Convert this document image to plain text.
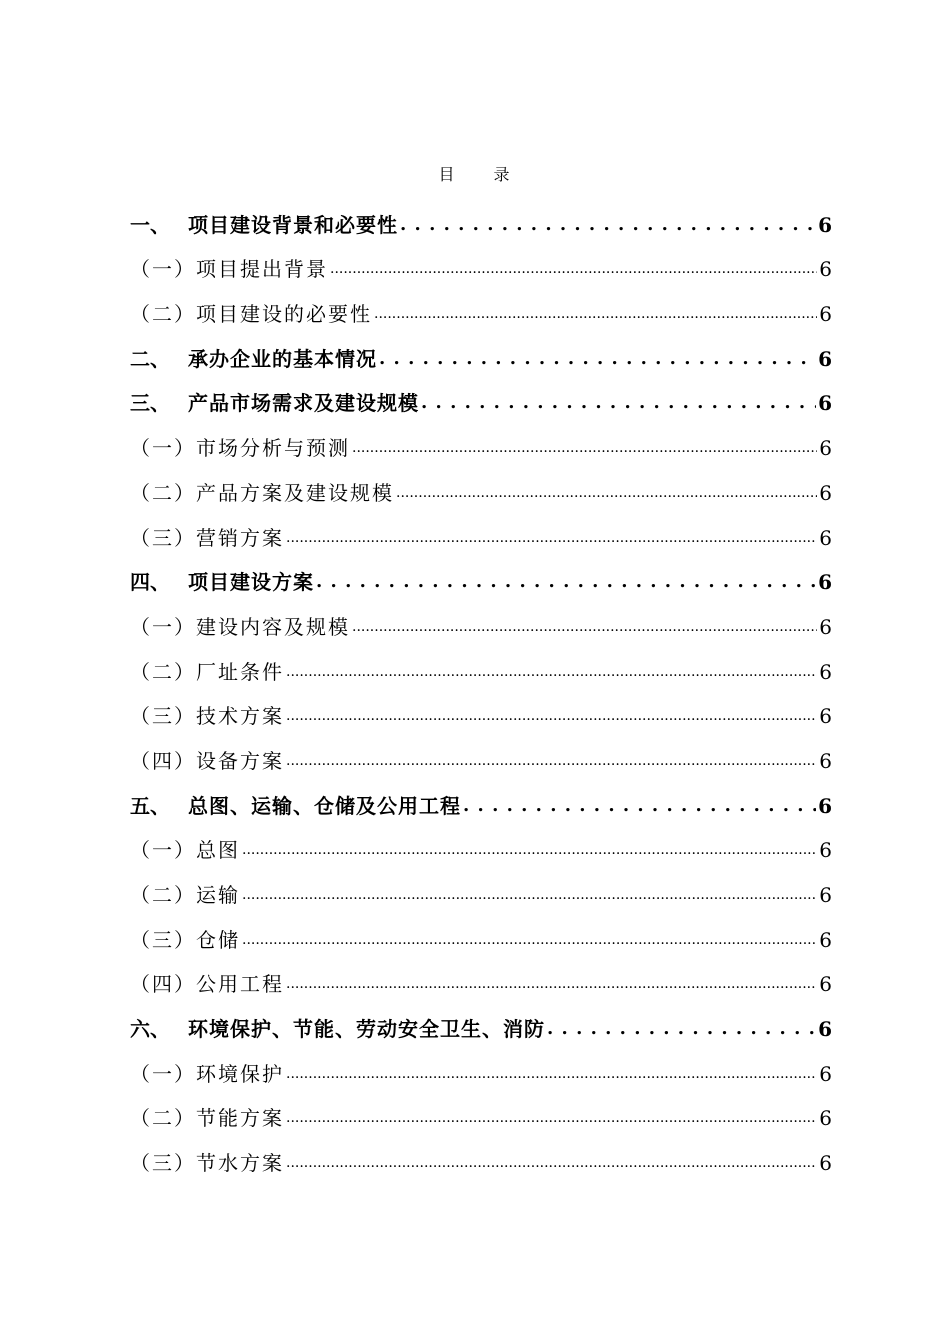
目 录
一、 项目建设背景和必要性 . . .	6
（一） 项目提出背景 .....	6
（二） 项目建设的必要性 .....	6
二、 承办企业的基本情况 . . .	6
三、 产品市场需求及建设规模 . . .	6
（一） 市场分析与预测 .....	6
（二） 产品方案及建设规模 .....	6
（三） 营销方案 .....	6
四、 项目建设方案 . . .	6
（一） 建设内容及规模 .....	6
（二） 厂址条件 .....	6
（三） 技术方案 .....	6
（四） 设备方案 .....	6
五、 总图、运输、仓储及公用工程 . . .	6
（一） 总图 .....	6
（二） 运输 .....	6
（三） 仓储 .....	6
（四） 公用工程 .....	6
六、 环境保护、节能、劳动安全卫生、消防 . . .	6
（一） 环境保护 .....	6
（二） 节能方案 .....	6
（三） 节水方案 .....	6
